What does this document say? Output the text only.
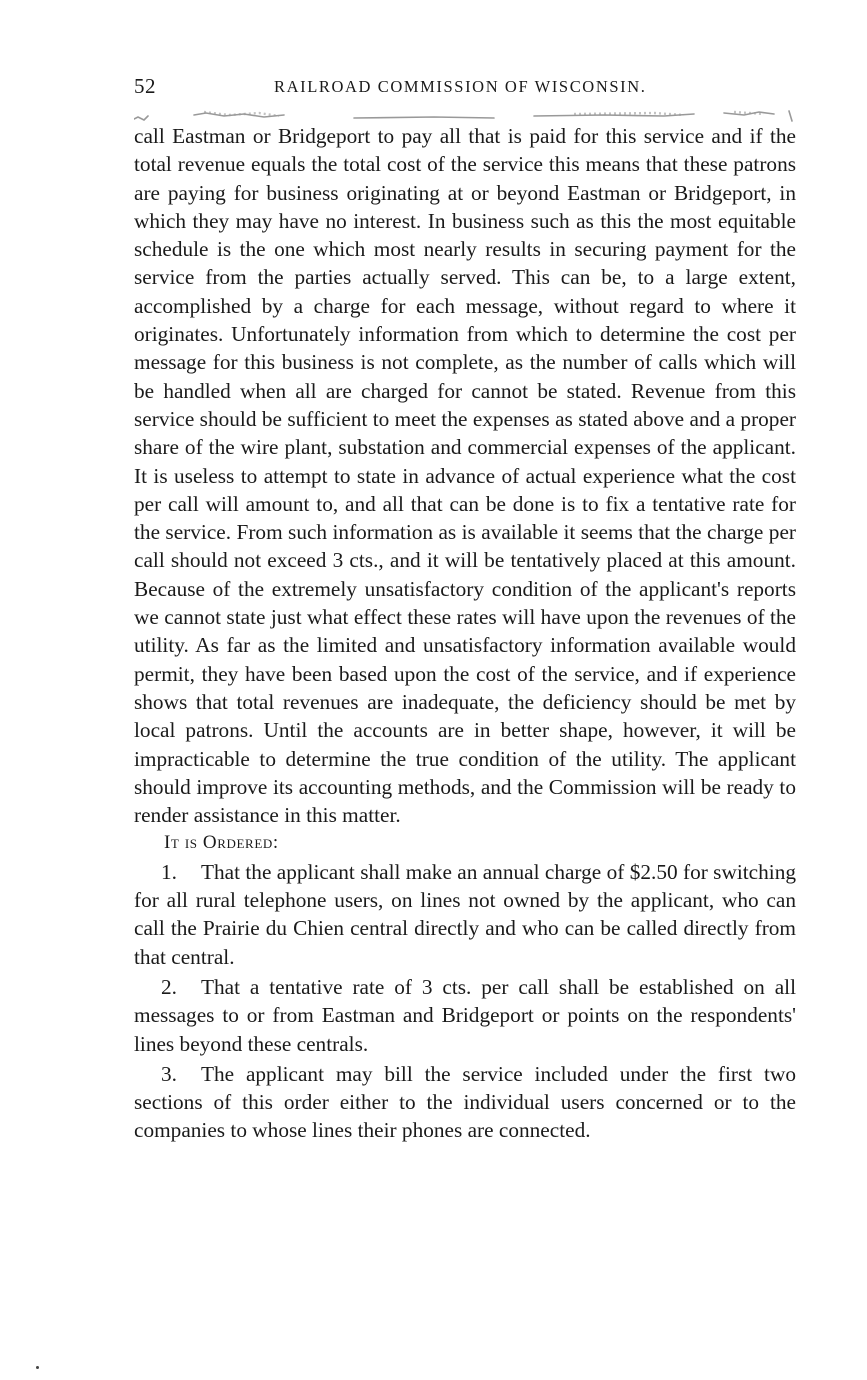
52	RAILROAD COMMISSION OF WISCONSIN.

call Eastman or Bridgeport to pay all that is paid for this service and if the total revenue equals the total cost of the service this means that these patrons are paying for business originating at or beyond Eastman or Bridgeport, in which they may have no interest. In business such as this the most equitable schedule is the one which most nearly results in securing payment for the service from the parties actually served. This can be, to a large extent, accomplished by a charge for each message, without regard to where it originates. Unfortunately information from which to determine the cost per message for this business is not complete, as the number of calls which will be handled when all are charged for cannot be stated. Revenue from this service should be sufficient to meet the expenses as stated above and a proper share of the wire plant, substation and commercial expenses of the applicant. It is useless to attempt to state in advance of actual experience what the cost per call will amount to, and all that can be done is to fix a tentative rate for the service. From such information as is available it seems that the charge per call should not exceed 3 cts., and it will be tentatively placed at this amount. Because of the extremely unsatisfactory condition of the applicant's reports we cannot state just what effect these rates will have upon the revenues of the utility. As far as the limited and unsatisfactory information available would permit, they have been based upon the cost of the service, and if experience shows that total revenues are inadequate, the deficiency should be met by local patrons. Until the accounts are in better shape, however, it will be impracticable to determine the true condition of the utility. The applicant should improve its accounting methods, and the Commission will be ready to render assistance in this matter.

It is Ordered:

1. That the applicant shall make an annual charge of $2.50 for switching for all rural telephone users, on lines not owned by the applicant, who can call the Prairie du Chien central directly and who can be called directly from that central.

2. That a tentative rate of 3 cts. per call shall be established on all messages to or from Eastman and Bridgeport or points on the respondents' lines beyond these centrals.

3. The applicant may bill the service included under the first two sections of this order either to the individual users concerned or to the companies to whose lines their phones are connected.
